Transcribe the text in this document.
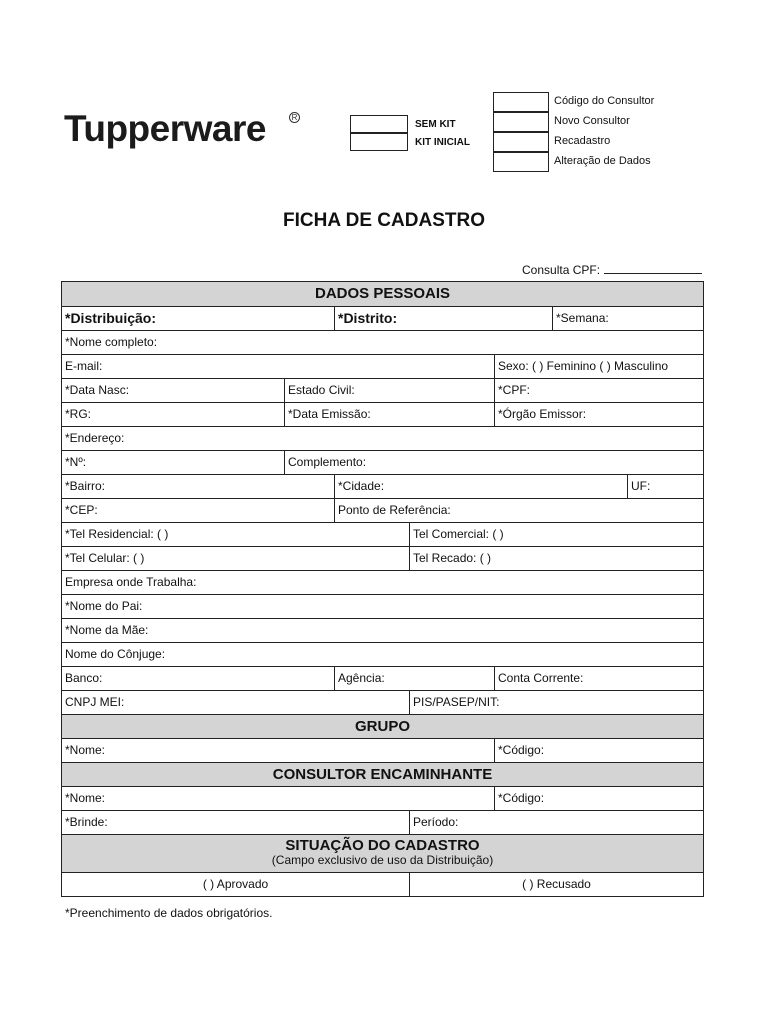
Tupperware	R
SEM KIT
KIT INICIAL
Código do Consultor
Novo Consultor
Recadastro
Alteração de Dados
FICHA DE CADASTRO
Consulta CPF:
DADOS PESSOAIS
*Distribuição:	*Distrito:	*Semana:
*Nome completo:
E-mail:	Sexo: ( ) Feminino ( ) Masculino
*Data Nasc:	Estado Civil:	*CPF:
*RG:	*Data Emissão:	*Órgão Emissor:
*Endereço:
*Nº:	Complemento:
*Bairro:	*Cidade:	UF:
*CEP:	Ponto de Referência:
*Tel Residencial: ( )	Tel Comercial: ( )
*Tel Celular: ( )	Tel Recado: ( )
Empresa onde Trabalha:
*Nome do Pai:
*Nome da Mãe:
Nome do Cônjuge:
Banco:	Agência:	Conta Corrente:
CNPJ MEI:	PIS/PASEP/NIT:
GRUPO
*Nome:	*Código:
CONSULTOR ENCAMINHANTE
*Nome:	*Código:
*Brinde:	Período:
SITUAÇÃO DO CADASTRO
(Campo exclusivo de uso da Distribuição)
( ) Aprovado	( ) Recusado
*Preenchimento de dados obrigatórios.
